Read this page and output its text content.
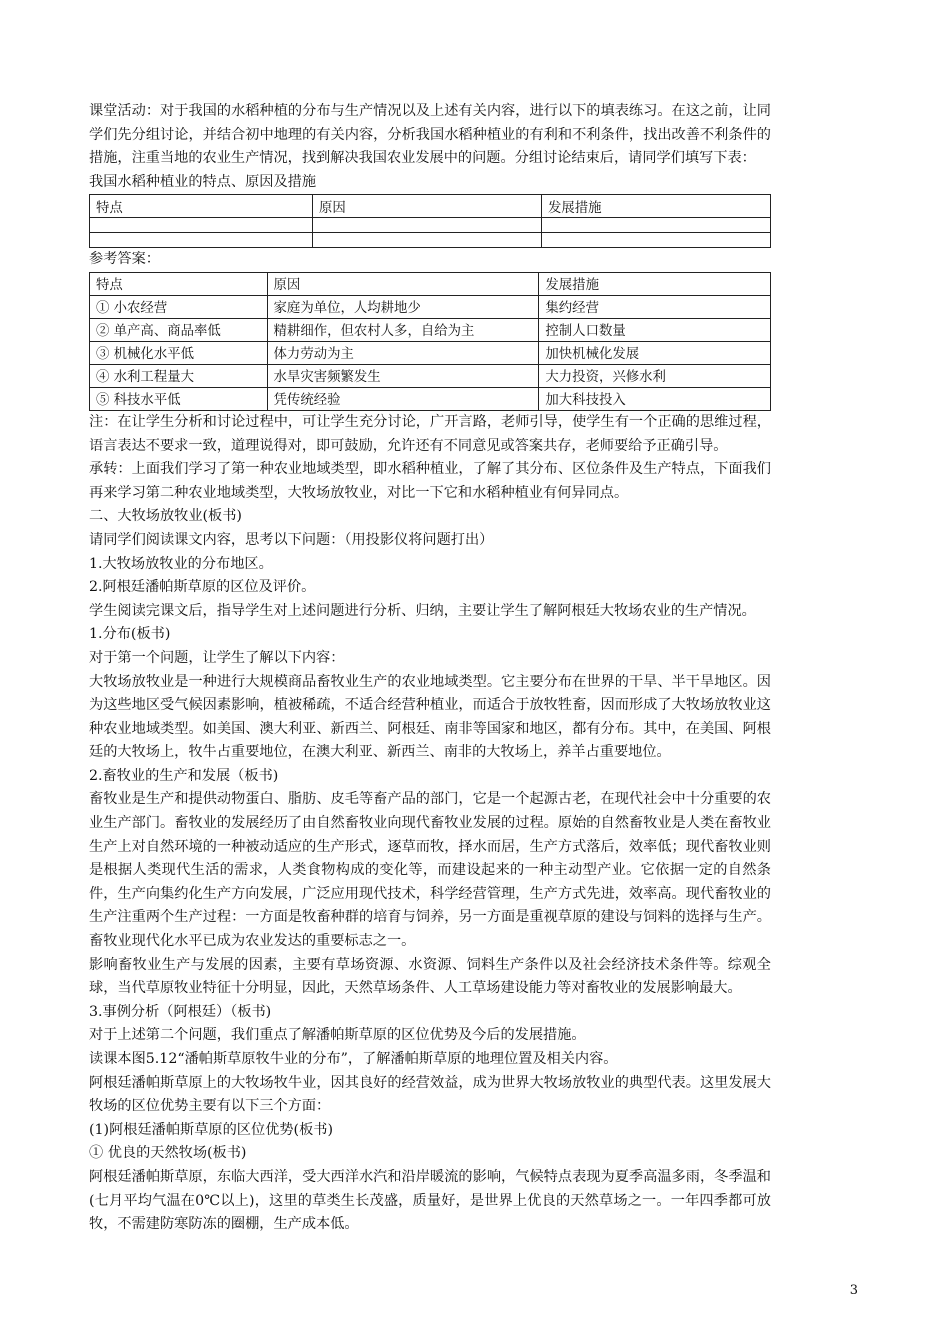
课堂活动：对于我国的水稻种植的分布与生产情况以及上述有关内容，进行以下的填表练习。在这之前，让同学们先分组讨论，并结合初中地理的有关内容，分析我国水稻种植业的有利和不利条件，找出改善不利条件的措施，注重当地的农业生产情况，找到解决我国农业发展中的问题。分组讨论结束后，请同学们填写下表：

我国水稻种植业的特点、原因及措施

特点	原因	发展措施

参考答案：

特点	原因	发展措施
① 小农经营	家庭为单位，人均耕地少	集约经营
② 单产高、商品率低	精耕细作，但农村人多，自给为主	控制人口数量
③ 机械化水平低	体力劳动为主	加快机械化发展
④ 水利工程量大	水旱灾害频繁发生	大力投资，兴修水利
⑤ 科技水平低	凭传统经验	加大科技投入

注：在让学生分析和讨论过程中，可让学生充分讨论，广开言路，老师引导，使学生有一个正确的思维过程，语言表达不要求一致，道理说得对，即可鼓励，允许还有不同意见或答案共存，老师要给予正确引导。

承转：上面我们学习了第一种农业地域类型，即水稻种植业，了解了其分布、区位条件及生产特点，下面我们再来学习第二种农业地域类型，大牧场放牧业，对比一下它和水稻种植业有何异同点。

二、大牧场放牧业(板书)

请同学们阅读课文内容，思考以下问题：（用投影仪将问题打出）

1.大牧场放牧业的分布地区。

2.阿根廷潘帕斯草原的区位及评价。

学生阅读完课文后，指导学生对上述问题进行分析、归纳，主要让学生了解阿根廷大牧场农业的生产情况。

1.分布(板书)

对于第一个问题，让学生了解以下内容：

大牧场放牧业是一种进行大规模商品畜牧业生产的农业地域类型。它主要分布在世界的干旱、半干旱地区。因为这些地区受气候因素影响，植被稀疏，不适合经营种植业，而适合于放牧牲畜，因而形成了大牧场放牧业这种农业地域类型。如美国、澳大利亚、新西兰、阿根廷、南非等国家和地区，都有分布。其中，在美国、阿根廷的大牧场上，牧牛占重要地位，在澳大利亚、新西兰、南非的大牧场上，养羊占重要地位。

2.畜牧业的生产和发展（板书)

畜牧业是生产和提供动物蛋白、脂肪、皮毛等畜产品的部门，它是一个起源古老，在现代社会中十分重要的农业生产部门。畜牧业的发展经历了由自然畜牧业向现代畜牧业发展的过程。原始的自然畜牧业是人类在畜牧业生产上对自然环境的一种被动适应的生产形式，逐草而牧，择水而居，生产方式落后，效率低；现代畜牧业则是根据人类现代生活的需求，人类食物构成的变化等，而建设起来的一种主动型产业。它依据一定的自然条件，生产向集约化生产方向发展，广泛应用现代技术，科学经营管理，生产方式先进，效率高。现代畜牧业的生产注重两个生产过程：一方面是牧畜种群的培育与饲养，另一方面是重视草原的建设与饲料的选择与生产。畜牧业现代化水平已成为农业发达的重要标志之一。

影响畜牧业生产与发展的因素，主要有草场资源、水资源、饲料生产条件以及社会经济技术条件等。综观全球，当代草原牧业特征十分明显，因此，天然草场条件、人工草场建设能力等对畜牧业的发展影响最大。

3.事例分析（阿根廷）（板书)

对于上述第二个问题，我们重点了解潘帕斯草原的区位优势及今后的发展措施。

读课本图5.12“潘帕斯草原牧牛业的分布”，了解潘帕斯草原的地理位置及相关内容。

阿根廷潘帕斯草原上的大牧场牧牛业，因其良好的经营效益，成为世界大牧场放牧业的典型代表。这里发展大牧场的区位优势主要有以下三个方面：

(1)阿根廷潘帕斯草原的区位优势(板书)

① 优良的天然牧场(板书)

阿根廷潘帕斯草原，东临大西洋，受大西洋水汽和沿岸暖流的影响，气候特点表现为夏季高温多雨，冬季温和(七月平均气温在0℃以上)，这里的草类生长茂盛，质量好，是世界上优良的天然草场之一。一年四季都可放牧，不需建防寒防冻的圈棚，生产成本低。

3
